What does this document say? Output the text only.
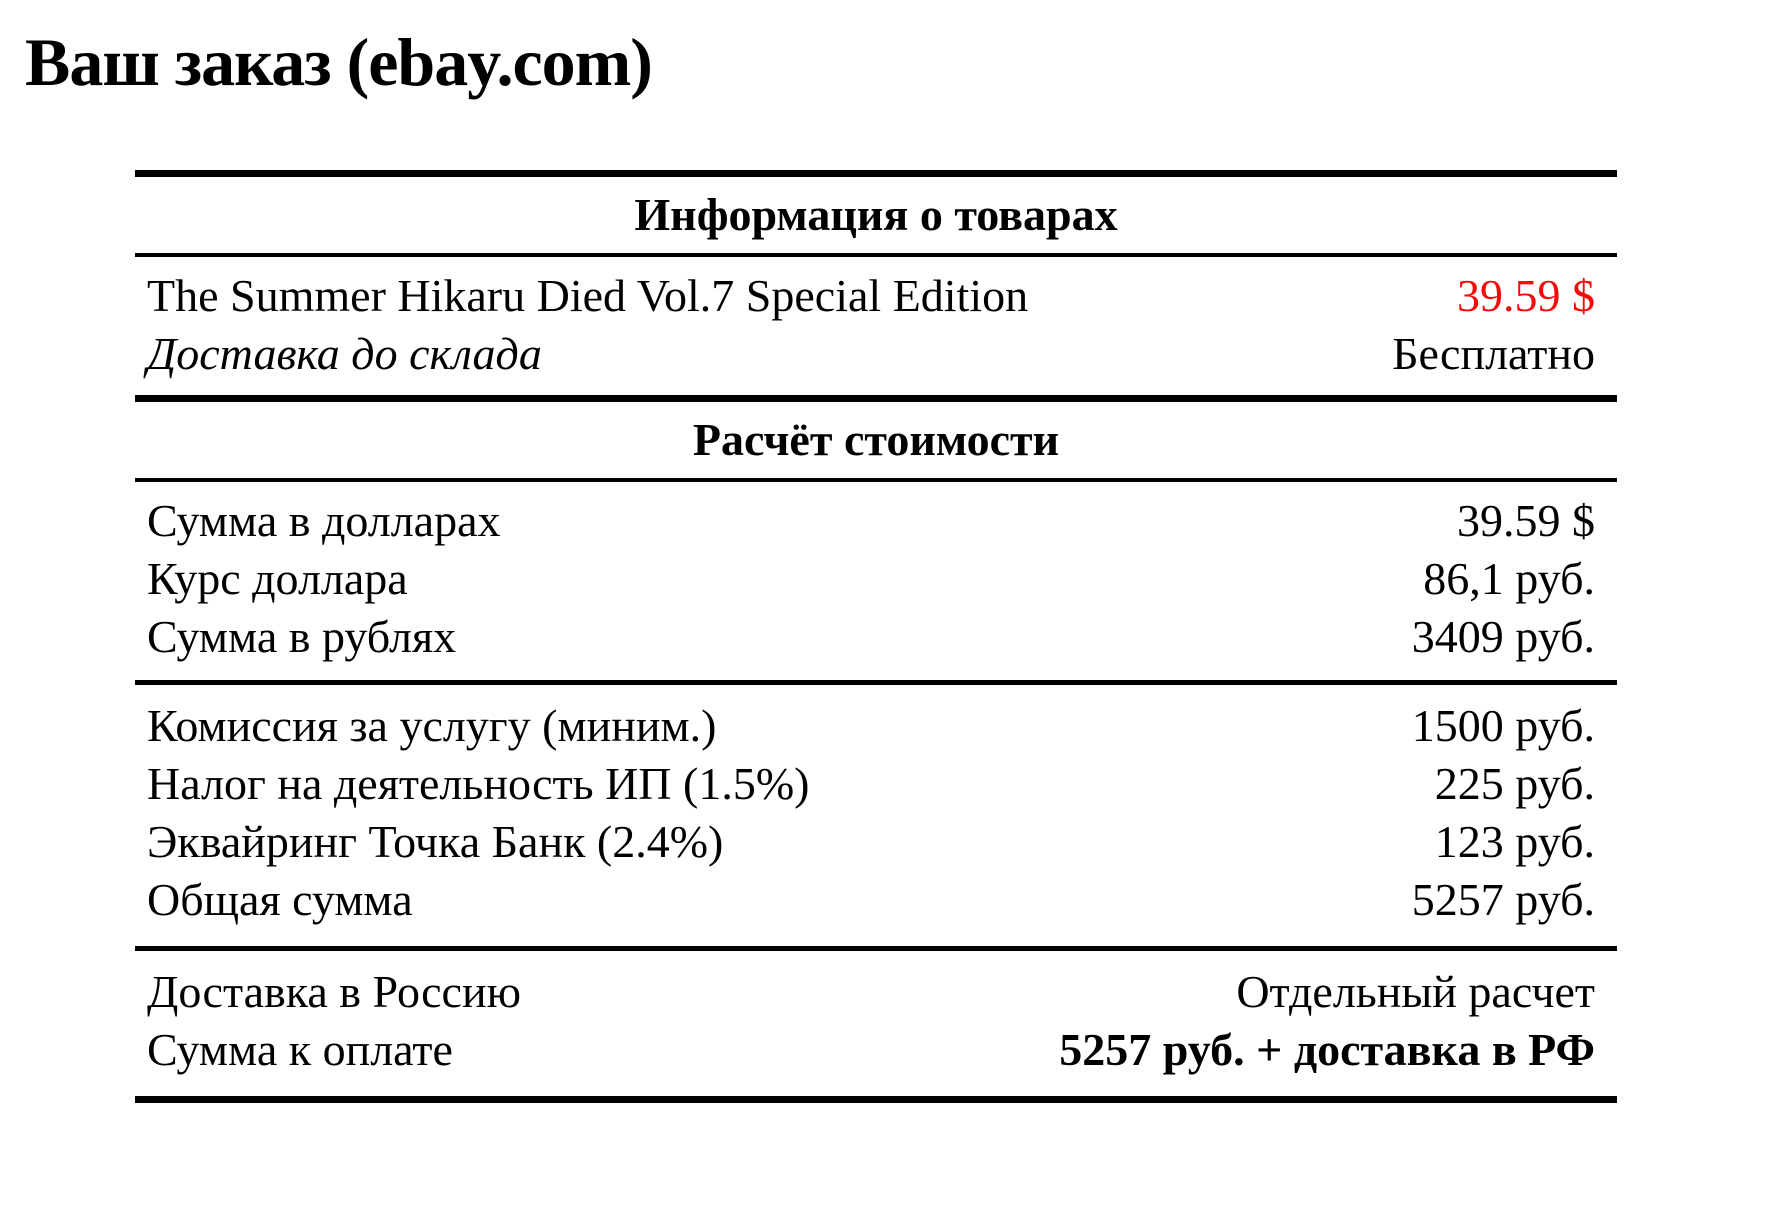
Ваш заказ (ebay.com)
Информация о товарах
The Summer Hikaru Died Vol.7 Special Edition	39.59 $
Доставка до склада	Бесплатно
Расчёт стоимости
Сумма в долларах	39.59 $
Курс доллара	86,1 руб.
Сумма в рублях	3409 руб.
Комиссия за услугу (миним.)	1500 руб.
Налог на деятельность ИП (1.5%)	225 руб.
Эквайринг Точка Банк (2.4%)	123 руб.
Общая сумма	5257 руб.
Доставка в Россию	Отдельный расчет
Сумма к оплате	5257 руб. + доставка в РФ
